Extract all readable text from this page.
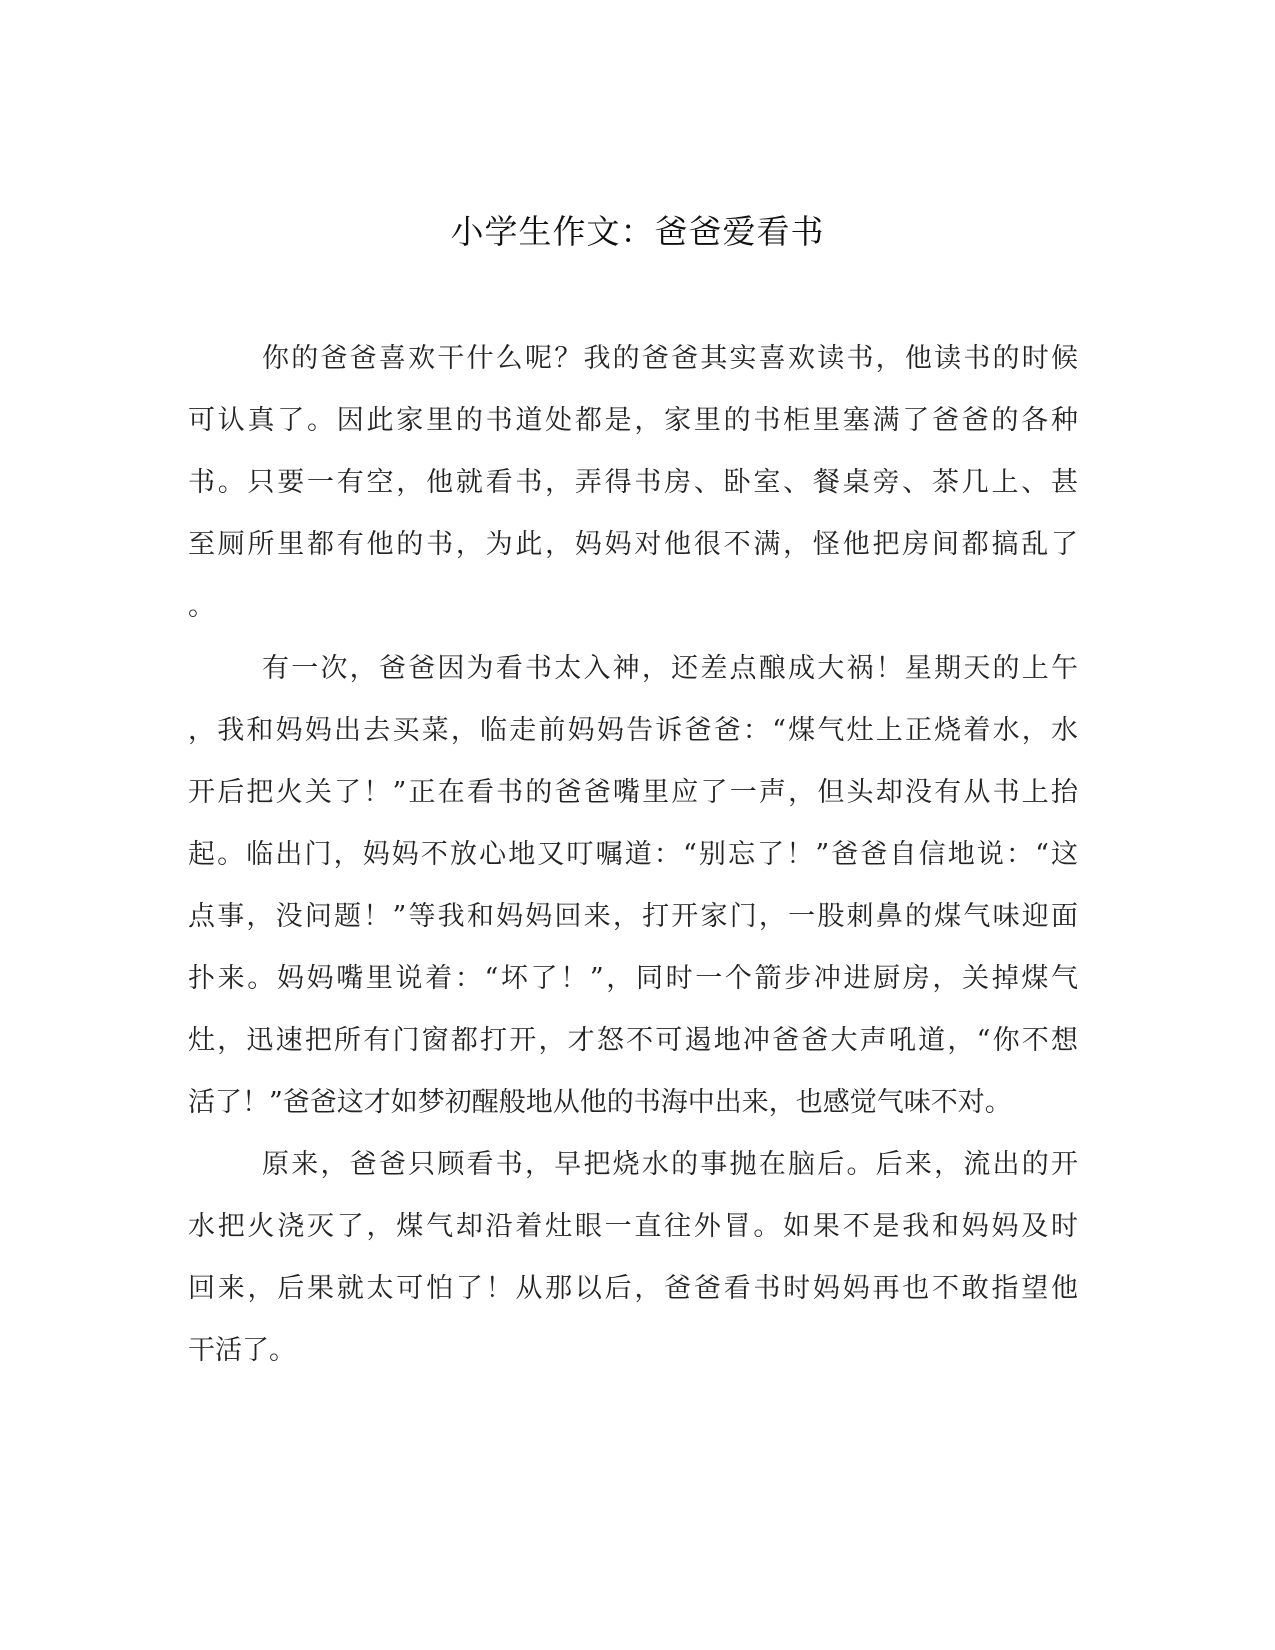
小学生作文：爸爸爱看书
你的爸爸喜欢干什么呢？我的爸爸其实喜欢读书，他读书的时候
可认真了。因此家里的书道处都是，家里的书柜里塞满了爸爸的各种
书。只要一有空，他就看书，弄得书房、卧室、餐桌旁、茶几上、甚
至厕所里都有他的书，为此，妈妈对他很不满，怪他把房间都搞乱了
。
有一次，爸爸因为看书太入神，还差点酿成大祸！星期天的上午
，我和妈妈出去买菜，临走前妈妈告诉爸爸：“煤气灶上正烧着水，水
开后把火关了！”正在看书的爸爸嘴里应了一声，但头却没有从书上抬
起。临出门，妈妈不放心地又叮嘱道：“别忘了！”爸爸自信地说：“这
点事，没问题！”等我和妈妈回来，打开家门，一股刺鼻的煤气味迎面
扑来。妈妈嘴里说着：“坏了！”，同时一个箭步冲进厨房，关掉煤气
灶，迅速把所有门窗都打开，才怒不可遏地冲爸爸大声吼道，“你不想
活了！”爸爸这才如梦初醒般地从他的书海中出来，也感觉气味不对。
原来，爸爸只顾看书，早把烧水的事抛在脑后。后来，流出的开
水把火浇灭了，煤气却沿着灶眼一直往外冒。如果不是我和妈妈及时
回来，后果就太可怕了！从那以后，爸爸看书时妈妈再也不敢指望他
干活了。
